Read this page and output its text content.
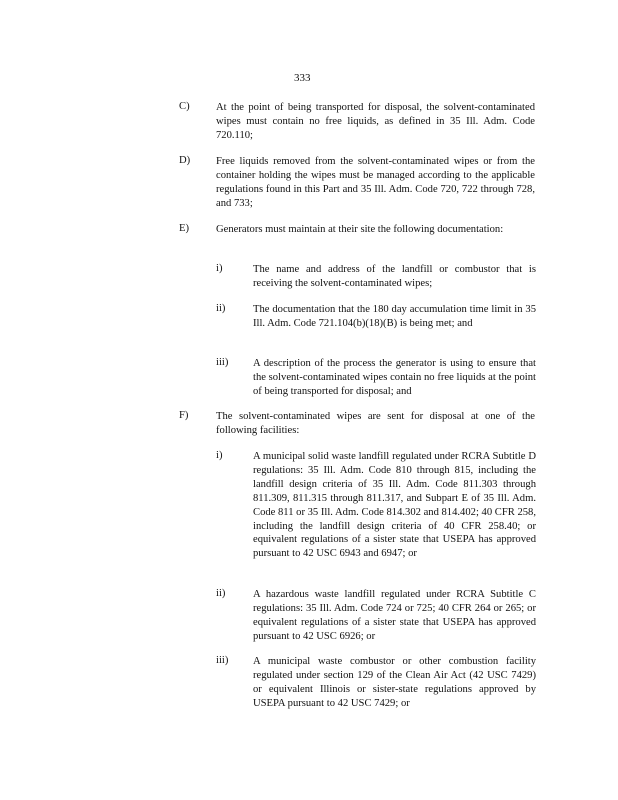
333
C) At the point of being transported for disposal, the solvent-contaminated wipes must contain no free liquids, as defined in 35 Ill. Adm. Code 720.110;
D) Free liquids removed from the solvent-contaminated wipes or from the container holding the wipes must be managed according to the applicable regulations found in this Part and 35 Ill. Adm. Code 720, 722 through 728, and 733;
E)	Generators must maintain at their site the following documentation:
i)	The name and address of the landfill or combustor that is receiving the solvent-contaminated wipes;
ii)	The documentation that the 180 day accumulation time limit in 35 Ill. Adm. Code 721.104(b)(18)(B) is being met; and
iii) A description of the process the generator is using to ensure that the solvent-contaminated wipes contain no free liquids at the point of being transported for disposal; and
F)	The solvent-contaminated wipes are sent for disposal at one of the following facilities:
i)	A municipal solid waste landfill regulated under RCRA Subtitle D regulations: 35 Ill. Adm. Code 810 through 815, including the landfill design criteria of 35 Ill. Adm. Code 811.303 through 811.309, 811.315 through 811.317, and Subpart E of 35 Ill. Adm. Code 811 or 35 Ill. Adm. Code 814.302 and 814.402; 40 CFR 258, including the landfill design criteria of 40 CFR 258.40; or equivalent regulations of a sister state that USEPA has approved pursuant to 42 USC 6943 and 6947; or
ii)	A hazardous waste landfill regulated under RCRA Subtitle C regulations: 35 Ill. Adm. Code 724 or 725; 40 CFR 264 or 265; or equivalent regulations of a sister state that USEPA has approved pursuant to 42 USC 6926; or
iii) A municipal waste combustor or other combustion facility regulated under section 129 of the Clean Air Act (42 USC 7429) or equivalent Illinois or sister-state regulations approved by USEPA pursuant to 42 USC 7429; or
